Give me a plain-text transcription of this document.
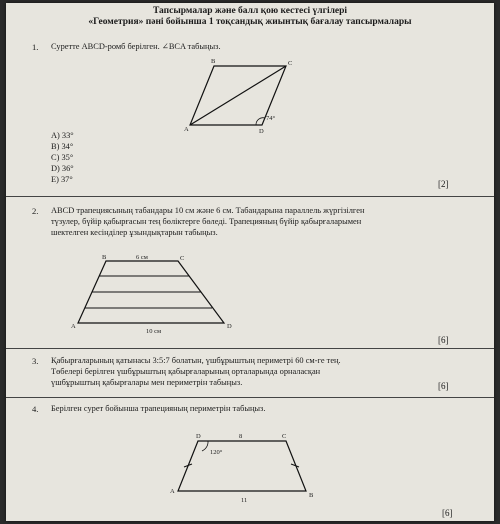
Тапсырмалар және балл қою кестесі үлгілері
«Геометрия» пәні бойынша 1 тоқсандық жиынтық бағалау тапсырмалары
1. Суретте ABCD-ромб берілген. ∠BCA табыңыз.
B	C
A	D
74°
A) 33°
B) 34°
C) 35°
D) 36°
E) 37°	[2]
2. ABCD трапециясының табандары 10 см және 6 см. Табандарына параллель жүргізілген
түзулер, бүйір қабырғасын тең бөліктерге бөледі. Трапецияның бүйір қабырғаларымен
шектелген кесінділер ұзындықтарын табыңыз.
B	C
A	D
6 см
10 см
[6]
3. Қабырғаларының қатынасы 3:5:7 болатын, үшбұрыштың периметрі 60 см-ге тең.
Төбелері берілген үшбұрыштың қабырғаларының орталарында орналасқан
үшбұрыштың қабырғалары мен периметрін табыңыз.	[6]
4. Берілген сурет бойынша трапецияның периметрін табыңыз.
D	C
A
B
8
11
120°
[6]
